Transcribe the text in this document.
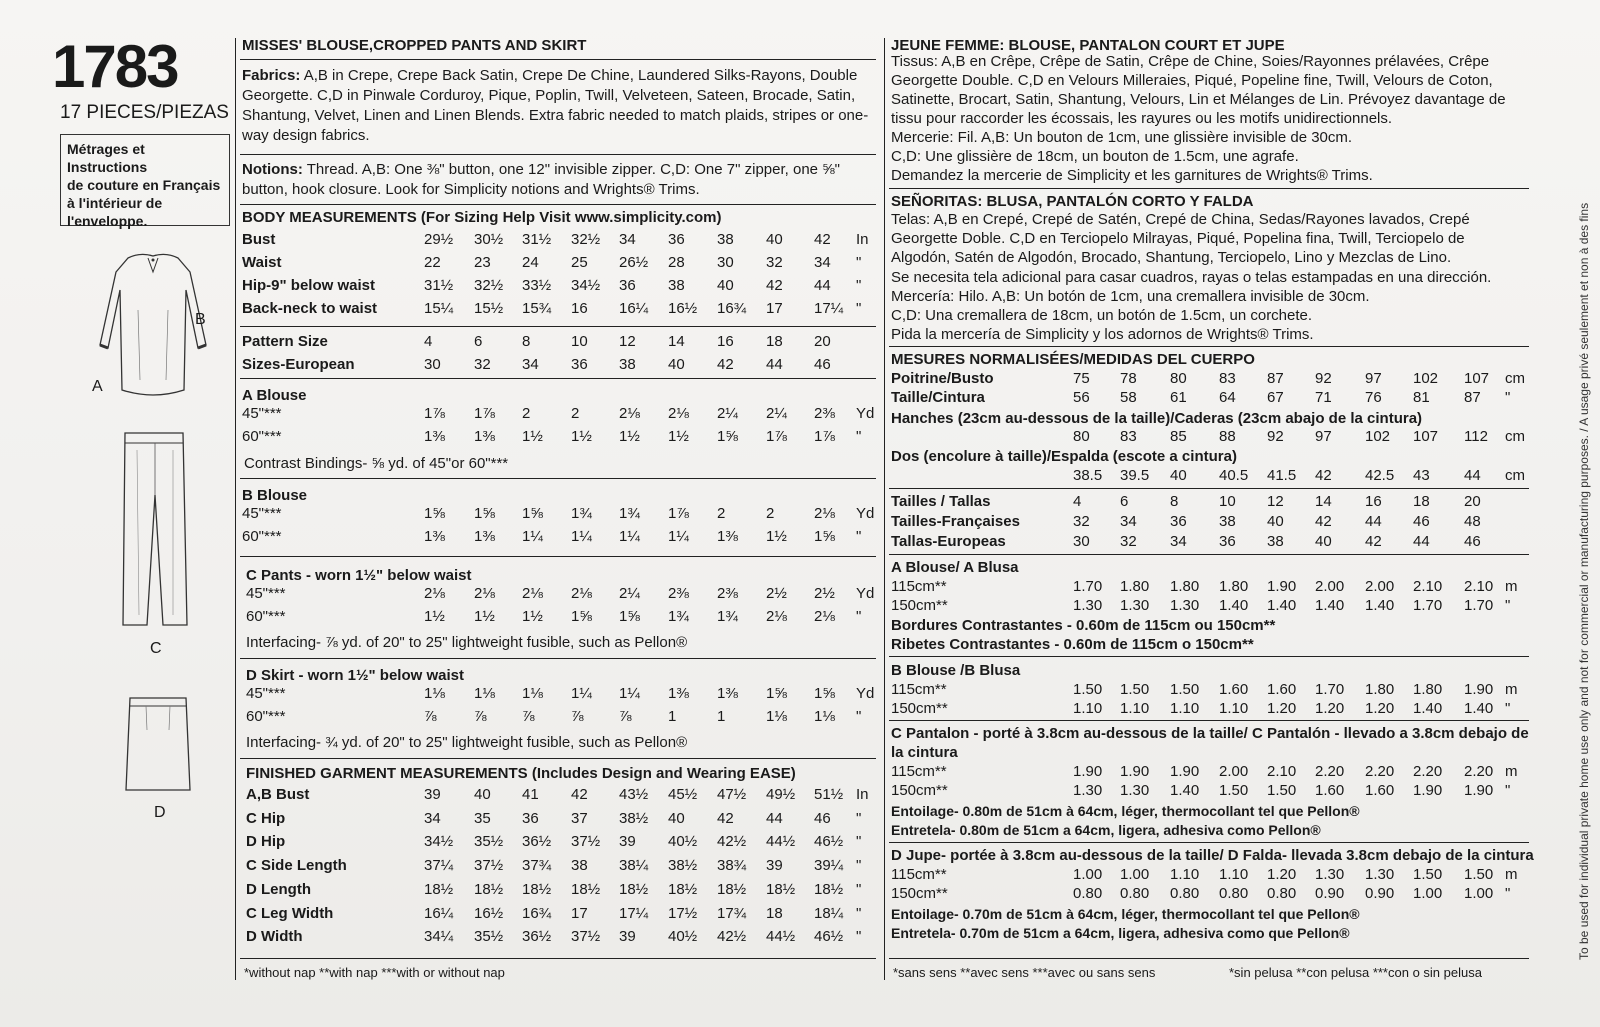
1783
17 PIECES/PIEZAS
Métrages et Instructions
de couture en Français
à l'intérieur de
l'enveloppe.
B
A
C
D
MISSES' BLOUSE,CROPPED PANTS AND SKIRT
Fabrics: A,B in Crepe, Crepe Back Satin, Crepe De Chine, Laundered Silks-Rayons, Double Georgette. C,D in Pinwale Corduroy, Pique, Poplin, Twill, Velveteen, Sateen, Brocade, Satin, Shantung, Velvet, Linen and Linen Blends. Extra fabric needed to match plaids, stripes or one-way design fabrics.
Notions: Thread. A,B: One ⅜" button, one 12" invisible zipper. C,D: One 7" zipper, one ⅝" button, hook closure. Look for Simplicity notions and Wrights® Trims.
BODY MEASUREMENTS (For Sizing Help Visit www.simplicity.com)
Bust	29½ 30½ 31½ 32½ 34 36 38 40 42 In
Waist	22 23 24 25 26½ 28 30 32 34 "
Hip-9" below waist	31½ 32½ 33½ 34½ 36 38 40 42 44 "
Back-neck to waist	15¼ 15½ 15¾ 16 16¼ 16½ 16¾ 17 17¼ "
Pattern Size	4	6	8	10 12 14 16 18 20
Sizes-European	30 32 34 36 38 40 42 44 46
A Blouse
45"***	1⅞ 1⅞ 2	2	2⅛ 2⅛ 2¼ 2¼ 2⅜ Yd
60"***	1⅜ 1⅜ 1½ 1½ 1½ 1½ 1⅝ 1⅞ 1⅞ "
Contrast Bindings- ⅝ yd. of 45"or 60"***
B Blouse
45"***	1⅝ 1⅝ 1⅝ 1¾ 1¾ 1⅞ 2	2	2⅛ Yd
60"***	1⅜ 1⅜ 1¼ 1¼ 1¼ 1¼ 1⅜ 1½ 1⅝ "
C Pants - worn 1½" below waist
45"***	2⅛ 2⅛ 2⅛ 2⅛ 2¼ 2⅜ 2⅜ 2½ 2½ Yd
60"***	1½ 1½ 1½ 1⅝ 1⅝ 1¾ 1¾ 2⅛ 2⅛ "
Interfacing- ⅞ yd. of 20" to 25" lightweight fusible, such as Pellon®
D Skirt - worn 1½" below waist
45"***	1⅛ 1⅛ 1⅛ 1¼ 1¼ 1⅜ 1⅜ 1⅝ 1⅝ Yd
60"***	⅞ ⅞ ⅞ ⅞ ⅞ 1	1	1⅛ 1⅛ "
Interfacing- ¾ yd. of 20" to 25" lightweight fusible, such as Pellon®
FINISHED GARMENT MEASUREMENTS (Includes Design and Wearing EASE)
A,B Bust	39 40 41 42 43½ 45½ 47½ 49½ 51½ In
C Hip	34 35 36 37 38½ 40 42 44 46 "
D Hip	34½ 35½ 36½ 37½ 39 40½ 42½ 44½ 46½ "
C Side Length	37¼ 37½ 37¾ 38 38¼ 38½ 38¾ 39 39¼ "
D Length	18½ 18½ 18½ 18½ 18½ 18½ 18½ 18½ 18½ "
C Leg Width	16¼ 16½ 16¾ 17 17¼ 17½ 17¾ 18 18¼ "
D Width	34¼ 35½ 36½ 37½ 39 40½ 42½ 44½ 46½ "
*without nap **with nap ***with or without nap
JEUNE FEMME: BLOUSE, PANTALON COURT ET JUPE
Tissus: A,B en Crêpe, Crêpe de Satin, Crêpe de Chine, Soies/Rayonnes prélavées, Crêpe Georgette Double. C,D en Velours Milleraies, Piqué, Popeline fine, Twill, Velours de Coton, Satinette, Brocart, Satin, Shantung, Velours, Lin et Mélanges de Lin. Prévoyez davantage de tissu pour raccorder les écossais, les rayures ou les motifs unidirectionnels.
Mercerie: Fil. A,B: Un bouton de 1cm, une glissière invisible de 30cm.
C,D: Une glissière de 18cm, un bouton de 1.5cm, une agrafe.
Demandez la mercerie de Simplicity et les garnitures de Wrights® Trims.
SEÑORITAS: BLUSA, PANTALÓN CORTO Y FALDA
Telas: A,B en Crepé, Crepé de Satén, Crepé de China, Sedas/Rayones lavados, Crepé Georgette Doble. C,D en Terciopelo Milrayas, Piqué, Popelina fina, Twill, Terciopelo de Algodón, Satén de Algodón, Brocado, Shantung, Terciopelo, Lino y Mezclas de Lino.
Se necesita tela adicional para casar cuadros, rayas o telas estampadas en una dirección.
Mercería: Hilo. A,B: Un botón de 1cm, una cremallera invisible de 30cm.
C,D: Una cremallera de 18cm, un botón de 1.5cm, un corchete.
Pida la mercería de Simplicity y los adornos de Wrights® Trims.
MESURES NORMALISÉES/MEDIDAS DEL CUERPO
Poitrine/Busto	75 78 80 83 87 92 97 102 107 cm
Taille/Cintura	56 58 61 64 67 71 76 81 87 "
Hanches (23cm au-dessous de la taille)/Caderas (23cm abajo de la cintura)
80 83 85 88 92 97 102 107 112 cm
Dos (encolure à taille)/Espalda (escote a cintura)
38.5 39.5 40 40.5 41.5 42 42.5 43 44 cm
Tailles / Tallas	4	6	8	10 12 14 16 18 20
Tailles-Françaises	32 34 36 38 40 42 44 46 48
Tallas-Europeas	30 32 34 36 38 40 42 44 46
A Blouse/ A Blusa
115cm**	1.70 1.80 1.80 1.80 1.90 2.00 2.00 2.10 2.10 m
150cm**	1.30 1.30 1.30 1.40 1.40 1.40 1.40 1.70 1.70 "
Bordures Contrastantes - 0.60m de 115cm ou 150cm**
Ribetes Contrastantes - 0.60m de 115cm o 150cm**
B Blouse /B Blusa
115cm**	1.50 1.50 1.50 1.60 1.60 1.70 1.80 1.80 1.90 m
150cm**	1.10 1.10 1.10 1.10 1.20 1.20 1.20 1.40 1.40 "
C Pantalon - porté à 3.8cm au-dessous de la taille/ C Pantalón - llevado a 3.8cm debajo de
la cintura
115cm**	1.90 1.90 1.90 2.00 2.10 2.20 2.20 2.20 2.20 m
150cm**	1.30 1.30 1.40 1.50 1.50 1.60 1.60 1.90 1.90 "
Entoilage- 0.80m de 51cm à 64cm, léger, thermocollant tel que Pellon®
Entretela- 0.80m de 51cm a 64cm, ligera, adhesiva como Pellon®
D Jupe- portée à 3.8cm au-dessous de la taille/ D Falda- llevada 3.8cm debajo de la cintura
115cm**	1.00 1.00 1.10 1.10 1.20 1.30 1.30 1.50 1.50 m
150cm**	0.80 0.80 0.80 0.80 0.80 0.90 0.90 1.00 1.00 "
Entoilage- 0.70m de 51cm à 64cm, léger, thermocollant tel que Pellon®
Entretela- 0.70m de 51cm a 64cm, ligera, adhesiva como que Pellon®
*sans sens **avec sens ***avec ou sans sens	*sin pelusa **con pelusa ***con o sin pelusa
To be used for individual private home use only and not for commercial or manufacturing purposes. / A usage privé seulement et non à des fins
